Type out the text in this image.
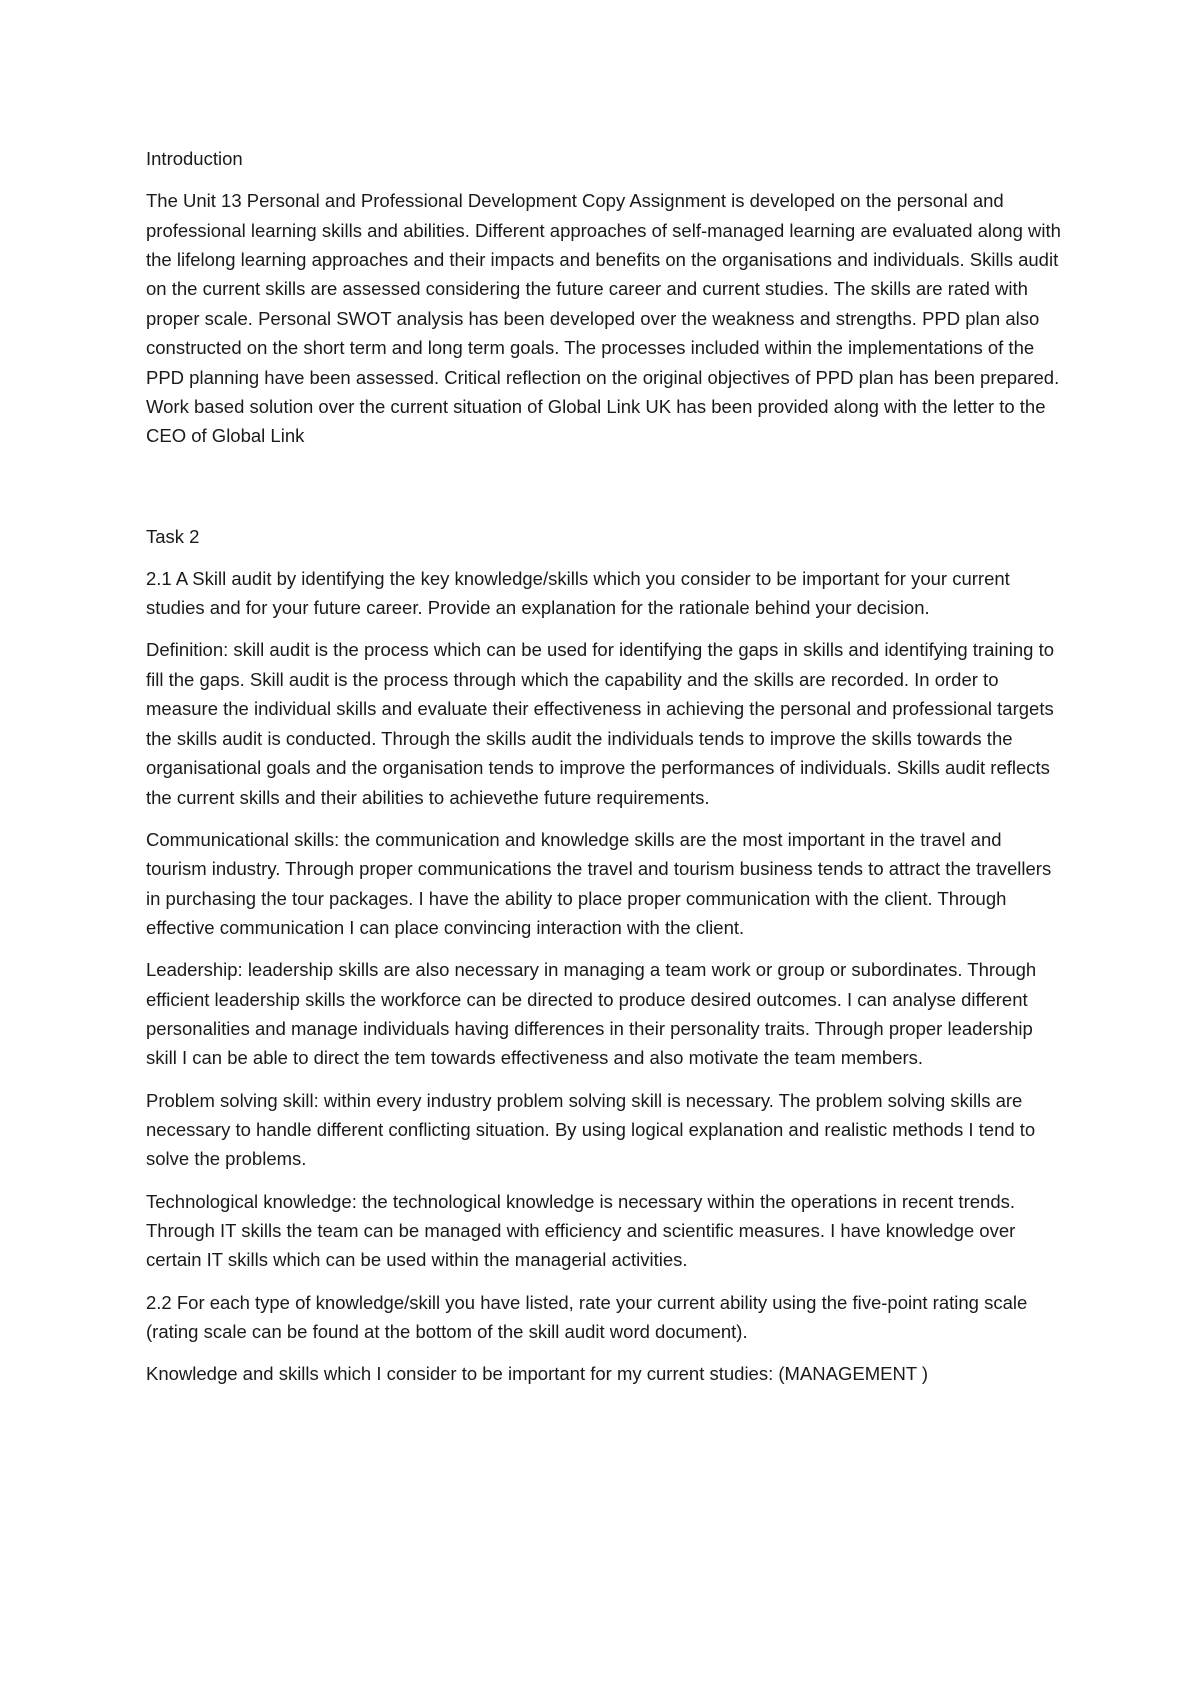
Introduction

The Unit 13 Personal and Professional Development Copy Assignment is developed on the personal and professional learning skills and abilities. Different approaches of self-managed learning are evaluated along with the lifelong learning approaches and their impacts and benefits on the organisations and individuals. Skills audit on the current skills are assessed considering the future career and current studies. The skills are rated with proper scale. Personal SWOT analysis has been developed over the weakness and strengths. PPD plan also constructed on the short term and long term goals. The processes included within the implementations of the PPD planning have been assessed. Critical reflection on the original objectives of PPD plan has been prepared. Work based solution over the current situation of Global Link UK has been provided along with the letter to the CEO of Global Link

Task 2

2.1 A Skill audit by identifying the key knowledge/skills which you consider to be important for your current studies and for your future career. Provide an explanation for the rationale behind your decision.

Definition: skill audit is the process which can be used for identifying the gaps in skills and identifying training to fill the gaps. Skill audit is the process through which the capability and the skills are recorded. In order to measure the individual skills and evaluate their effectiveness in achieving the personal and professional targets the skills audit is conducted. Through the skills audit the individuals tends to improve the skills towards the organisational goals and the organisation tends to improve the performances of individuals. Skills audit reflects the current skills and their abilities to achievethe future requirements.

Communicational skills: the communication and knowledge skills are the most important in the travel and tourism industry. Through proper communications the travel and tourism business tends to attract the travellers in purchasing the tour packages. I have the ability to place proper communication with the client. Through effective communication I can place convincing interaction with the client.

Leadership: leadership skills are also necessary in managing a team work or group or subordinates. Through efficient leadership skills the workforce can be directed to produce desired outcomes. I can analyse different personalities and manage individuals having differences in their personality traits. Through proper leadership skill I can be able to direct the tem towards effectiveness and also motivate the team members.

Problem solving skill: within every industry problem solving skill is necessary. The problem solving skills are necessary to handle different conflicting situation. By using logical explanation and realistic methods I tend to solve the problems.

Technological knowledge: the technological knowledge is necessary within the operations in recent trends. Through IT skills the team can be managed with efficiency and scientific measures. I have knowledge over certain IT skills which can be used within the managerial activities.

2.2 For each type of knowledge/skill you have listed, rate your current ability using the five-point rating scale (rating scale can be found at the bottom of the skill audit word document).

Knowledge and skills which I consider to be important for my current studies: (MANAGEMENT )
